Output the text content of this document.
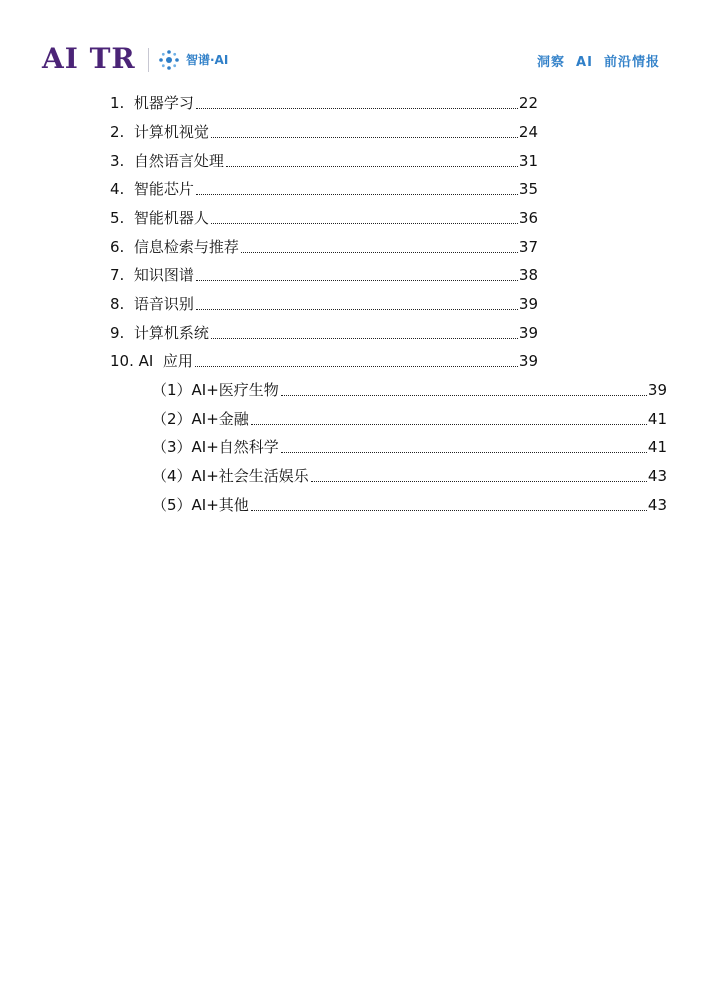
AI TR	智谱·AI	洞察  AI  前沿情报
1.  机器学习	22
2.  计算机视觉	24
3.  自然语言处理	31
4.  智能芯片	35
5.  智能机器人	36
6.  信息检索与推荐	37
7.  知识图谱	38
8.  语音识别	39
9.  计算机系统	39
10. AI  应用	39
（1）AI+医疗生物	39
（2）AI+金融	41
（3）AI+自然科学	41
（4）AI+社会生活娱乐	43
（5）AI+其他	43
